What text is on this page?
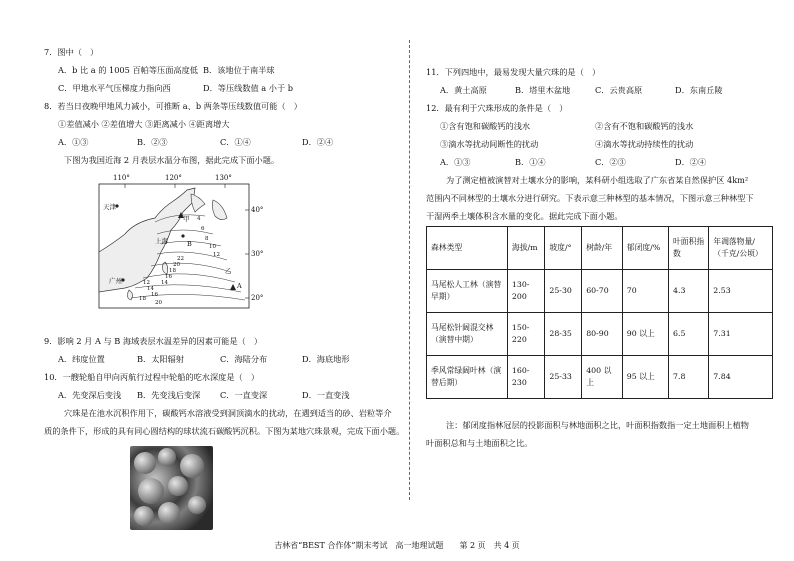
7．图中（　）
A．b 比 a 的 1005 百帕等压面高度低 B．该地位于南半球
C．甲地水平气压梯度力指向西	D．等压线数值 a 小于 b
8．若当日夜晚甲地风力减小，可推断 a、b 两条等压线数值可能（　）
①差值减小 ②差值增大 ③距离减小 ④距离增大
A．①③	B．②③	C．①④	D．②④
下图为我国近海 2 月表层水温分布图，据此完成下面小题。
110°	120°	130°
40°
30°
20°
天津
上海
广州
甲
乙
B
A
4
6
8
10
12
14
16
18
20
22
12
14
16
18
20
9．影响 2 月 A 与 B 海域表层水温差异的因素可能是（　）
A．纬度位置	B．太阳辐射	C．海陆分布	D．海底地形
10．一艘轮船自甲向丙航行过程中轮船的吃水深度是（　）
A．先变深后变浅 B．先变浅后变深 C．一直变深	D．一直变浅
穴珠是在池水沉积作用下，碳酸钙水溶液受到洞顶滴水的扰动，在遇到适当的砂、岩粒等介
质的条件下，形成的具有同心圆结构的球状流石碳酸钙沉积。下图为某地穴珠景观，完成下面小题。
11．下列四地中，最易发现大量穴珠的是（　）
A．黄土高原	B．塔里木盆地	C．云贵高原	D．东南丘陵
12．最有利于穴珠形成的条件是（　）
①含有饱和碳酸钙的浅水	②含有不饱和碳酸钙的浅水
③滴水等扰动间断性的扰动	④滴水等扰动持续性的扰动
A．①③	B．①④	C．②③	D．②④
为了测定植被演替对土壤水分的影响，某科研小组选取了广东省某自然保护区 4km²
范围内不同林型的土壤水分进行研究。下表示意三种林型的基本情况，下图示意三种林型下
干湿两季土壤体积含水量的变化。据此完成下面小题。
森林类型	海拔/m	坡度/°	树龄/年	郁闭度/%	叶面积指数	年凋落物量/（千克/公顷）
马尾松人工林（演替早期）	130-200	25-30	60-70	70	4.3	2.53
马尾松针阔混交林（演替中期）	150-220	28-35	80-90	90 以上	6.5	7.31
季风常绿阔叶林（演替后期）	160-230	25-33	400 以上	95 以上	7.8	7.84
注：郁闭度指林冠层的投影面积与林地面积之比，叶面积指数指一定土地面积上植物
叶面积总和与土地面积之比。
吉林省“BEST 合作体”期末考试　高一地理试题　　第 2 页　共 4 页
